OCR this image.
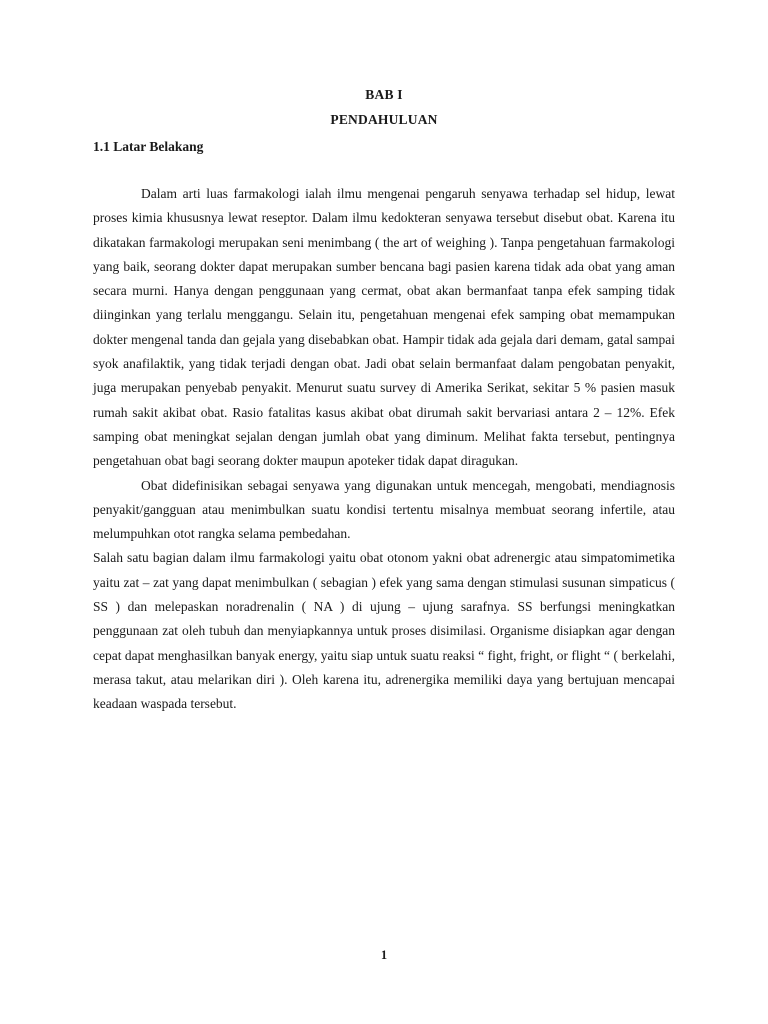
BAB I
PENDAHULUAN
1.1 Latar Belakang

Dalam arti luas farmakologi ialah ilmu mengenai pengaruh senyawa terhadap sel hidup, lewat proses kimia khususnya lewat reseptor. Dalam ilmu kedokteran senyawa tersebut disebut obat. Karena itu dikatakan farmakologi merupakan seni menimbang ( the art of weighing ). Tanpa pengetahuan farmakologi yang baik, seorang dokter dapat merupakan sumber bencana bagi pasien karena tidak ada obat yang aman secara murni. Hanya dengan penggunaan yang cermat, obat akan bermanfaat tanpa efek samping tidak diinginkan yang terlalu menggangu. Selain itu, pengetahuan mengenai efek samping obat memampukan dokter mengenal tanda dan gejala yang disebabkan obat. Hampir tidak ada gejala dari demam, gatal sampai syok anafilaktik, yang tidak terjadi dengan obat. Jadi obat selain bermanfaat dalam pengobatan penyakit, juga merupakan penyebab penyakit. Menurut suatu survey di Amerika Serikat, sekitar 5 % pasien masuk rumah sakit akibat obat. Rasio fatalitas kasus akibat obat dirumah sakit bervariasi antara 2 – 12%. Efek samping obat meningkat sejalan dengan jumlah obat yang diminum. Melihat fakta tersebut, pentingnya pengetahuan obat bagi seorang dokter maupun apoteker tidak dapat diragukan.

Obat didefinisikan sebagai senyawa yang digunakan untuk mencegah, mengobati, mendiagnosis penyakit/gangguan atau menimbulkan suatu kondisi tertentu misalnya membuat seorang infertile, atau melumpuhkan otot rangka selama pembedahan.

Salah satu bagian dalam ilmu farmakologi yaitu obat otonom yakni obat adrenergic atau simpatomimetika yaitu zat – zat yang dapat menimbulkan ( sebagian ) efek yang sama dengan stimulasi susunan simpaticus ( SS ) dan melepaskan noradrenalin ( NA ) di ujung – ujung sarafnya. SS berfungsi meningkatkan penggunaan zat oleh tubuh dan menyiapkannya untuk proses disimilasi. Organisme disiapkan agar dengan cepat dapat menghasilkan banyak energy, yaitu siap untuk suatu reaksi “ fight, fright, or flight “ ( berkelahi, merasa takut, atau melarikan diri ). Oleh karena itu, adrenergika memiliki daya yang bertujuan mencapai keadaan waspada tersebut.

1
